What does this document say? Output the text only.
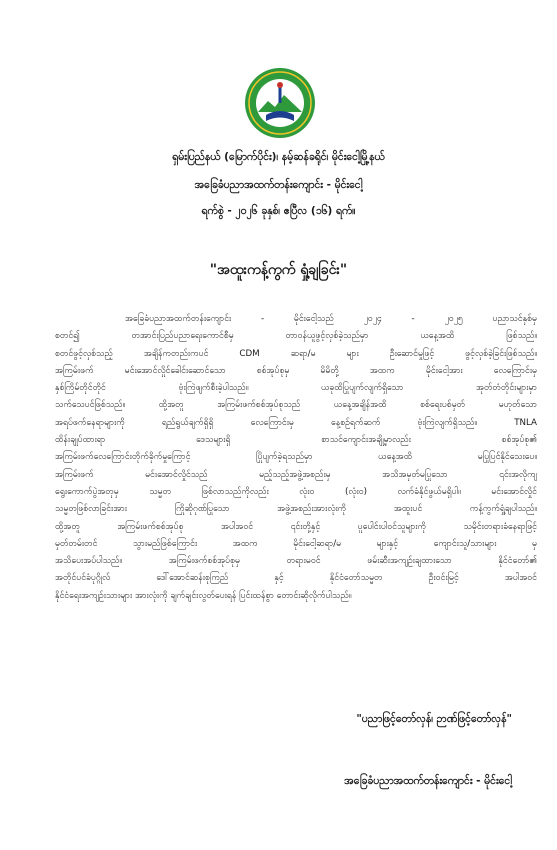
ရှမ်းပြည်နယ် (မြောက်ပိုင်း)၊ နမ့်ဆန်ခရိုင်၊ မိုင်းငေါ့မြို့နယ်
အခြေခံပညာအထက်တန်းကျောင်း - မိုင်းငေါ့
ရက်စွဲ - ၂၀၂၆ ခုနှစ်၊ ဧပြီလ (၁၆) ရက်။
"အထူးကန့်ကွက် ရှုံ့ချခြင်း"
အခြေခံပညာအထက်တန်းကျောင်း - မိုင်းငေါ့သည် ၂၀၂၄ - ၂၀၂၅ ပညာသင်နှစ်မှ
စတင်၍ တအာင်းပြည်ပညာရေးကောင်စီမှ တာဝန်ယူဖွင့်လှစ်ခဲ့သည်မှာ ယနေ့အထိ ဖြစ်သည်။
စတင်ဖွင့်လှစ်သည့် အချိန်ကတည်းကပင် CDM ဆရာ/မ များ ဦးဆောင်မှုဖြင့် ဖွင့်လှစ်ခဲ့ခြင်းဖြစ်သည်။
အကြမ်းဖက် မင်းအောင်လှိုင်ခေါင်းဆောင်သော စစ်အုပ်စုမှ မိမိတို့ အထက မိုင်းငေါ့အား လေကြောင်းမှ
နှစ်ကြိမ်တိုင်တိုင် ဗုံးကြဲဖျက်စီးခဲ့ပါသည်။ ယခုထိပြုပျက်လျက်ရှိသော အုတ်တံတိုင်းများမှာ
သက်သေပင်ဖြစ်သည်။ ထို့အတူ အကြမ်းဖက်စစ်အုပ်စုသည် ယနေ့အချိန်အထိ စစ်ရေးပစ်မှတ် မဟုတ်သော
အရပ်ဖက်နေရာများကို ရည်ရွယ်ချက်ရှိရှိ လေကြောင်းမှ နေ့စဉ်ရက်ဆက် ဗုံးကြဲလျက်ရှိသည်။ TNLA
ထိန်းချုပ်ထားရာ ဒေသများရှိ စာသင်ကျောင်းအချို့မှာလည်း စစ်အုပ်စု၏
အကြမ်းဖက်လေကြောင်းတိုက်ခိုက်မှုကြောင့် ပြိုပျက်ခဲ့ရသည်မှာ ယနေ့အထိ မပြုပြင်နိုင်သေးပေ။
အကြမ်းဖက် မင်းအောင်လှိုင်သည် မည့်သည့်အဖွဲ့အစည်းမှ အသိအမှတ်မပြုသော ၎င်းအလိုကျ
ရွေးကောက်ပွဲအတုမှ သမ္မတ ဖြစ်လာသည်ကိုလည်း လုံး၀ (လုံး၀) လက်ခံနိုင်ဖွယ်မရှိပါ။ မင်းအောင်လှိုင်
သမ္မတဖြစ်လာခြင်းအား ကြိုဆိုဂုဏ်ပြုသော အဖွဲ့အစည်းအားလုံးကို အထူးပင် ကန့်ကွက်ရှုံ့ချပါသည်။
ထို့အတူ အကြမ်းဖက်စစ်အုပ်စု အပါအဝင် ၎င်းတို့နှင့် ပူပေါင်းပါဝင်သူများကို သမိုင်းတရားခံနေရာဖြင့်
မှတ်တမ်းတင် သွားမည်ဖြစ်ကြောင်း အထက မိုင်းငေါ့ဆရာ/မ များနှင့် ကျောင်းသူ/သားများ မှ
အသိပေးအပ်ပါသည်။ အကြမ်းဖက်စစ်အုပ်စုမှ တရားမဝင် ဖမ်းဆီးအကျဉ်းချထားသော နိုင်ငံတော်၏
အတိုင်ပင်ခံပုဂ္ဂိုလ် ဒေါ်အောင်ဆန်းစုကြည် နှင့် နိုင်ငံတော်သမ္မတ ဦးဝင်းမြင့် အပါအဝင်
နိုင်ငံရေးအကျဉ်းသားများ အားလုံးကို ချက်ချင်းလွတ်ပေးရန် ပြင်းထန်စွာ တောင်းဆိုလိုက်ပါသည်။
"ပညာဖြင့်တော်လှန်၊ ဉာဏ်ဖြင့်တော်လှန်"
အခြေခံပညာအထက်တန်းကျောင်း - မိုင်းငေါ့
